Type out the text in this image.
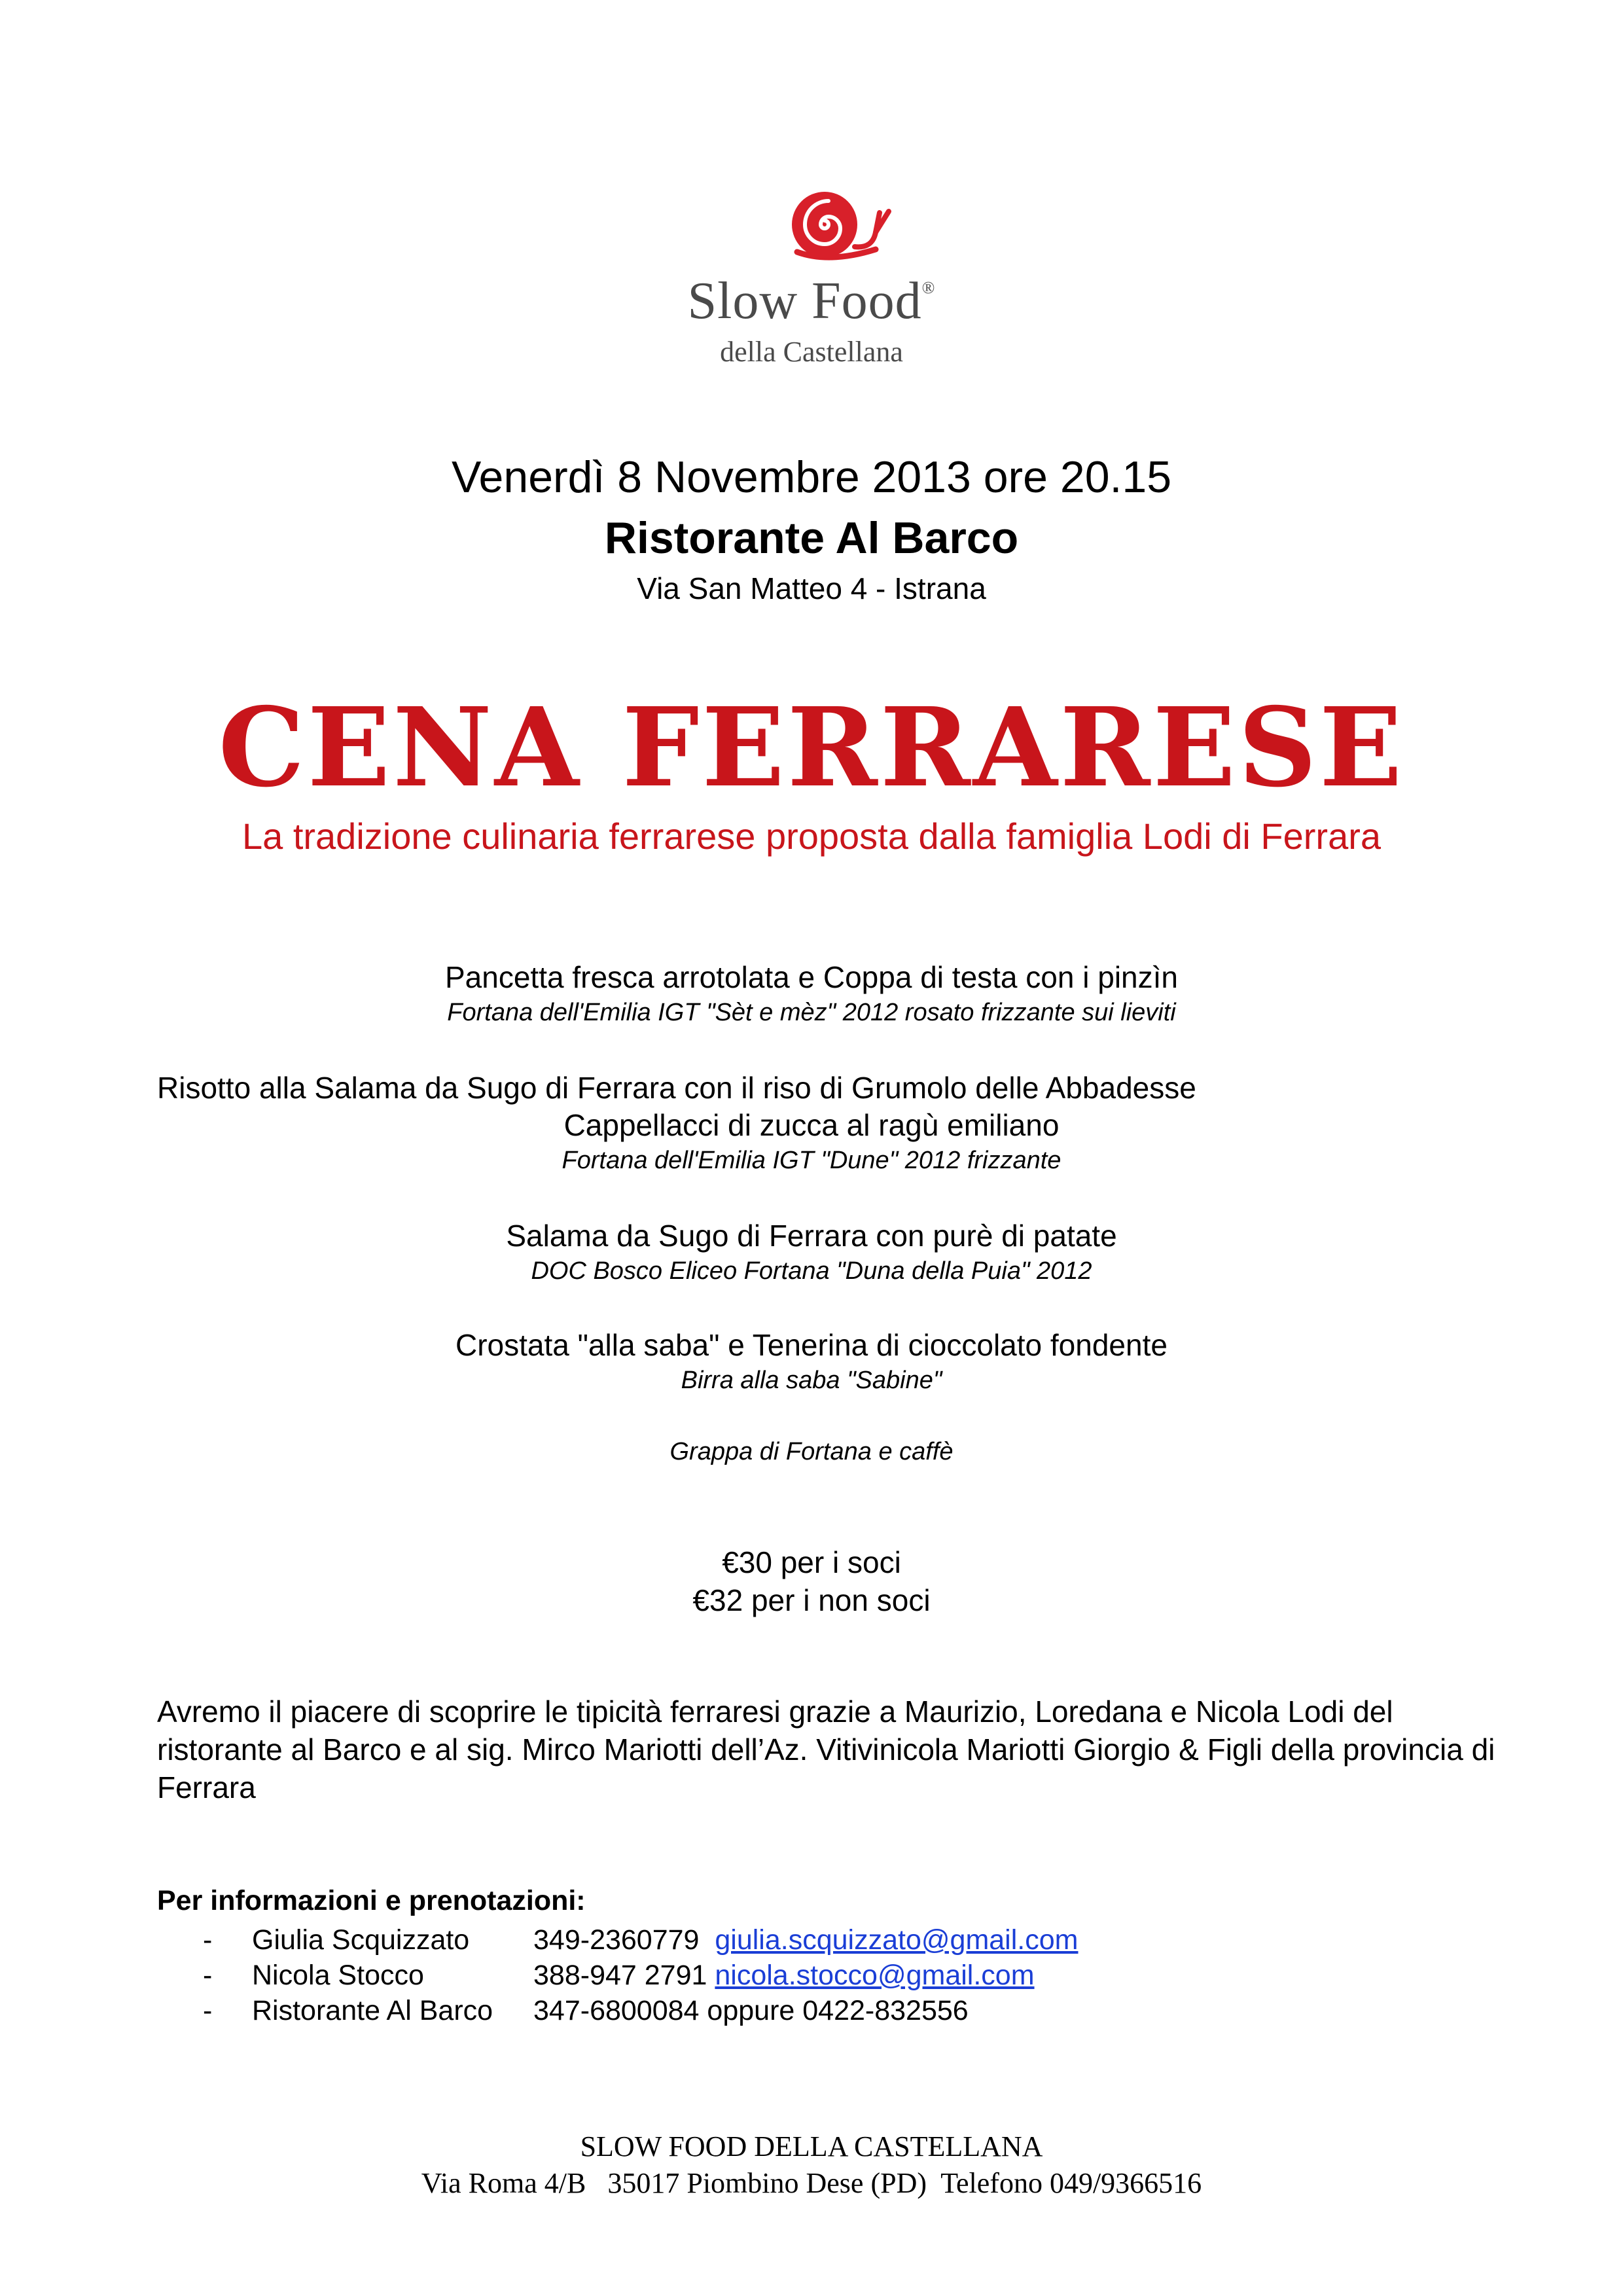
Slow Food®
della Castellana
Venerdì 8 Novembre 2013 ore 20.15
Ristorante Al Barco
Via San Matteo 4 - Istrana
CENA FERRARESE
La tradizione culinaria ferrarese proposta dalla famiglia Lodi di Ferrara
Pancetta fresca arrotolata e Coppa di testa con i pinzìn
Fortana dell'Emilia IGT "Sèt e mèz" 2012 rosato frizzante sui lieviti
Risotto alla Salama da Sugo di Ferrara con il riso di Grumolo delle Abbadesse
Cappellacci di zucca al ragù emiliano
Fortana dell'Emilia IGT "Dune" 2012 frizzante
Salama da Sugo di Ferrara con purè di patate
DOC Bosco Eliceo Fortana "Duna della Puia" 2012
Crostata "alla saba" e Tenerina di cioccolato fondente
Birra alla saba "Sabine"
Grappa di Fortana e caffè
€30 per i soci
€32 per i non soci
Avremo il piacere di scoprire le tipicità ferraresi grazie a Maurizio, Loredana e Nicola Lodi del ristorante al Barco e al sig. Mirco Mariotti dell’Az. Vitivinicola Mariotti Giorgio & Figli della provincia di Ferrara
Per informazioni e prenotazioni:
- Giulia Scquizzato 349-2360779 giulia.scquizzato@gmail.com
- Nicola Stocco	388-947 2791 nicola.stocco@gmail.com
- Ristorante Al Barco 347-6800084 oppure 0422-832556
SLOW FOOD DELLA CASTELLANA
Via Roma 4/B   35017 Piombino Dese (PD)  Telefono 049/9366516
